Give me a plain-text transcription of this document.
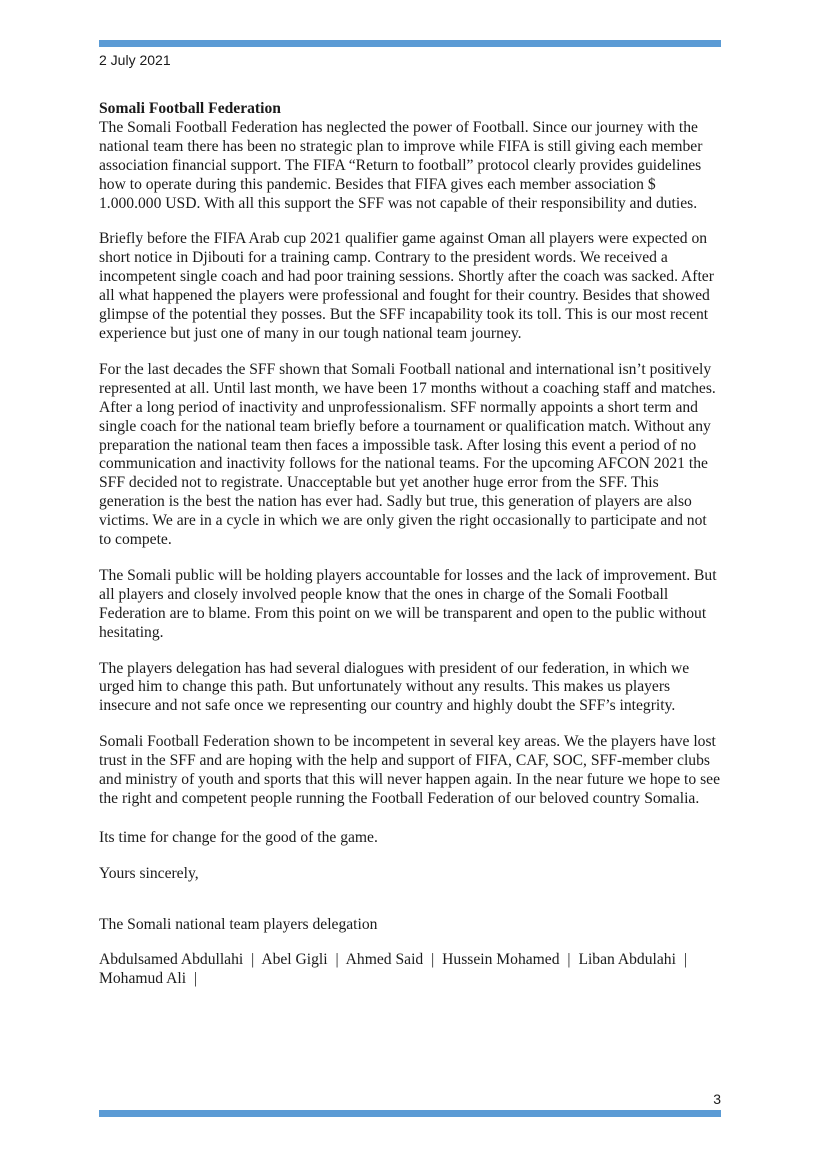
2 July 2021

Somali Football Federation
The Somali Football Federation has neglected the power of Football. Since our journey with the national team there has been no strategic plan to improve while FIFA is still giving each member association financial support. The FIFA “Return to football” protocol clearly provides guidelines how to operate during this pandemic. Besides that FIFA gives each member association $ 1.000.000 USD. With all this support the SFF was not capable of their responsibility and duties.

Briefly before the FIFA Arab cup 2021 qualifier game against Oman all players were expected on short notice in Djibouti for a training camp. Contrary to the president words. We received a incompetent single coach and had poor training sessions. Shortly after the coach was sacked. After all what happened the players were professional and fought for their country. Besides that showed glimpse of the potential they posses. But the SFF incapability took its toll. This is our most recent experience but just one of many in our tough national team journey.

For the last decades the SFF shown that Somali Football national and international isn’t positively represented at all. Until last month, we have been 17 months without a coaching staff and matches. After a long period of inactivity and unprofessionalism. SFF normally appoints a short term and single coach for the national team briefly before a tournament or qualification match. Without any preparation the national team then faces a impossible task. After losing this event a period of no communication and inactivity follows for the national teams. For the upcoming AFCON 2021 the SFF decided not to registrate. Unacceptable but yet another huge error from the SFF. This generation is the best the nation has ever had. Sadly but true, this generation of players are also victims. We are in a cycle in which we are only given the right occasionally to participate and not to compete.

The Somali public will be holding players accountable for losses and the lack of improvement. But all players and closely involved people know that the ones in charge of the Somali Football Federation are to blame. From this point on we will be transparent and open to the public without hesitating.

The players delegation has had several dialogues with president of our federation, in which we urged him to change this path. But unfortunately without any results. This makes us players insecure and not safe once we representing our country and highly doubt the SFF’s integrity.

Somali Football Federation shown to be incompetent in several key areas. We the players have lost trust in the SFF and are hoping with the help and support of FIFA, CAF, SOC, SFF-member clubs and ministry of youth and sports that this will never happen again. In the near future we hope to see the right and competent people running the Football Federation of our beloved country Somalia.

Its time for change for the good of the game.

Yours sincerely,

The Somali national team players delegation

Abdulsamed Abdullahi | Abel Gigli | Ahmed Said | Hussein Mohamed | Liban Abdulahi | Mohamud Ali |

3
